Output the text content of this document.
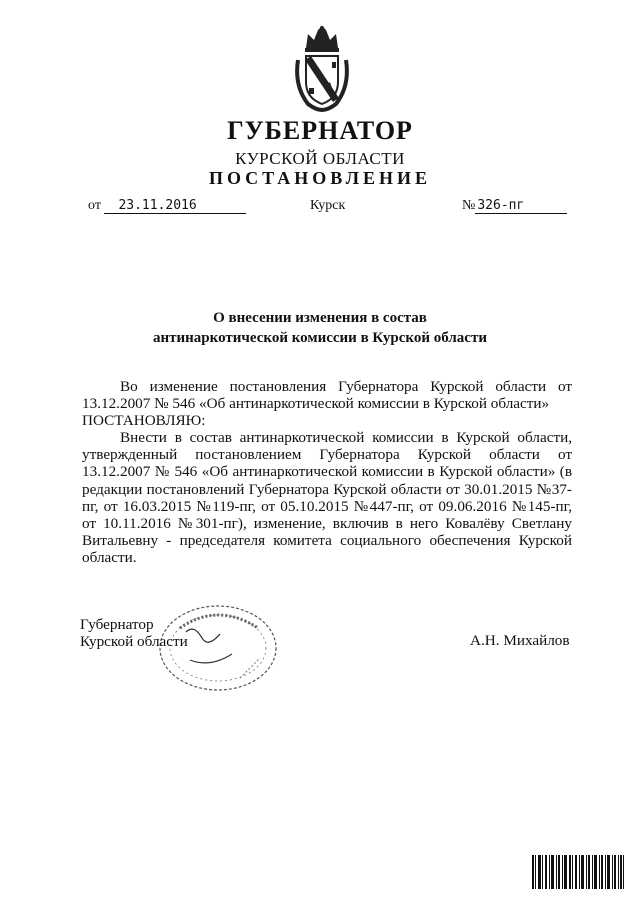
ГУБЕРНАТОР
КУРСКОЙ ОБЛАСТИ
ПОСТАНОВЛЕНИЕ
от 23.11.2016	Курск	№ 326-пг
О внесении изменения в состав
антинаркотической комиссии в Курской области
Во изменение постановления Губернатора Курской области от 13.12.2007 № 546 «Об антинаркотической комиссии в Курской области»
ПОСТАНОВЛЯЮ:
Внести в состав антинаркотической комиссии в Курской области, утвержденный постановлением Губернатора Курской области от 13.12.2007 № 546 «Об антинаркотической комиссии в Курской области» (в редакции постановлений Губернатора Курской области от 30.01.2015 №37-пг, от 16.03.2015 №119-пг, от 05.10.2015 №447-пг, от 09.06.2016 №145-пг, от 10.11.2016 №301-пг), изменение, включив в него Ковалёву Светлану Витальевну - председателя комитета социального обеспечения Курской области.
Губернатор
Курской области	А.Н. Михайлов
